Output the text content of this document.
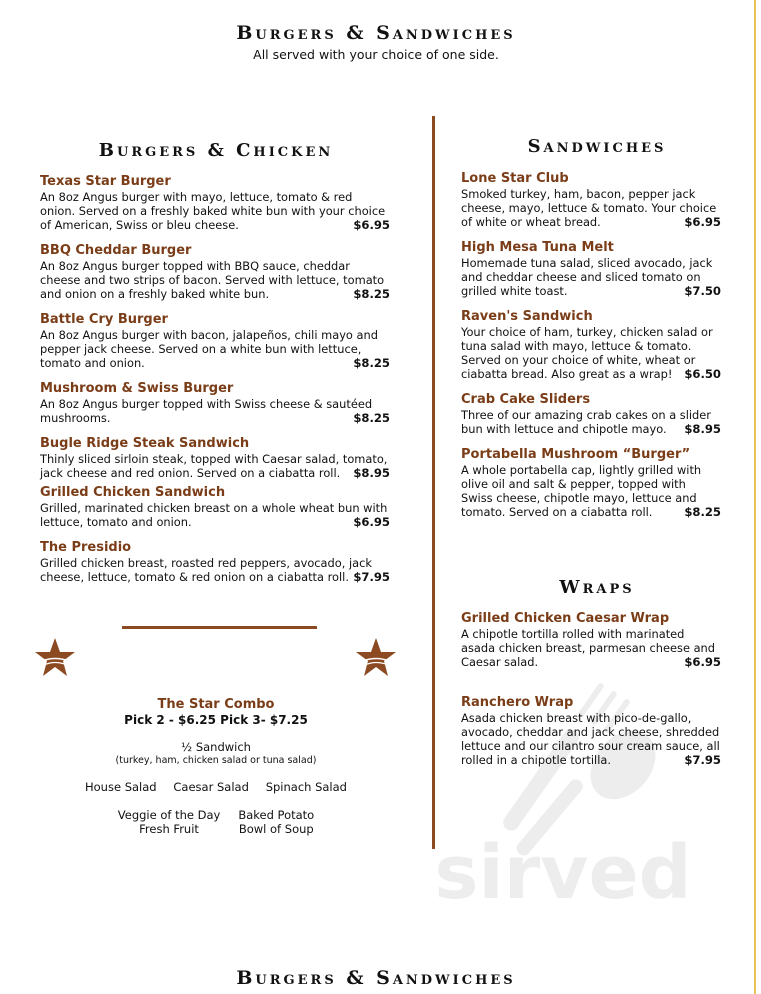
Burgers & Sandwiches
All served with your choice of one side.
Burgers & Chicken
Texas Star Burger
An 8oz Angus burger with mayo, lettuce, tomato & red onion. Served on a freshly baked white bun with your choice of American, Swiss or bleu cheese.	$6.95
BBQ Cheddar Burger
An 8oz Angus burger topped with BBQ sauce, cheddar cheese and two strips of bacon. Served with lettuce, tomato and onion on a freshly baked white bun.	$8.25
Battle Cry Burger
An 8oz Angus burger with bacon, jalapeños, chili mayo and pepper jack cheese. Served on a white bun with lettuce, tomato and onion.	$8.25
Mushroom & Swiss Burger
An 8oz Angus burger topped with Swiss cheese & sautéed mushrooms.	$8.25
Bugle Ridge Steak Sandwich
Thinly sliced sirloin steak, topped with Caesar salad, tomato, jack cheese and red onion. Served on a ciabatta roll. $8.95
Grilled Chicken Sandwich
Grilled, marinated chicken breast on a whole wheat bun with lettuce, tomato and onion.	$6.95
The Presidio
Grilled chicken breast, roasted red peppers, avocado, jack cheese, lettuce, tomato & red onion on a ciabatta roll. $7.95
The Star Combo
Pick 2 - $6.25 Pick 3- $7.25
½ Sandwich
(turkey, ham, chicken salad or tuna salad)
House Salad Caesar Salad Spinach Salad
Veggie of the Day
Fresh Fruit
Baked Potato
Bowl of Soup
Sandwiches
Lone Star Club
Smoked turkey, ham, bacon, pepper jack cheese, mayo, lettuce & tomato. Your choice of white or wheat bread.	$6.95
High Mesa Tuna Melt
Homemade tuna salad, sliced avocado, jack and cheddar cheese and sliced tomato on grilled white toast.	$7.50
Raven's Sandwich
Your choice of ham, turkey, chicken salad or tuna salad with mayo, lettuce & tomato. Served on your choice of white, wheat or ciabatta bread. Also great as a wrap! $6.50
Crab Cake Sliders
Three of our amazing crab cakes on a slider bun with lettuce and chipotle mayo. $8.95
Portabella Mushroom “Burger”
A whole portabella cap, lightly grilled with olive oil and salt & pepper, topped with Swiss cheese, chipotle mayo, lettuce and tomato. Served on a ciabatta roll.	$8.25
Wraps
Grilled Chicken Caesar Wrap
A chipotle tortilla rolled with marinated asada chicken breast, parmesan cheese and Caesar salad.	$6.95
Ranchero Wrap
Asada chicken breast with pico-de-gallo, avocado, cheddar and jack cheese, shredded lettuce and our cilantro sour cream sauce, all rolled in a chipotle tortilla.	$7.95
sirved
Burgers & Sandwiches
